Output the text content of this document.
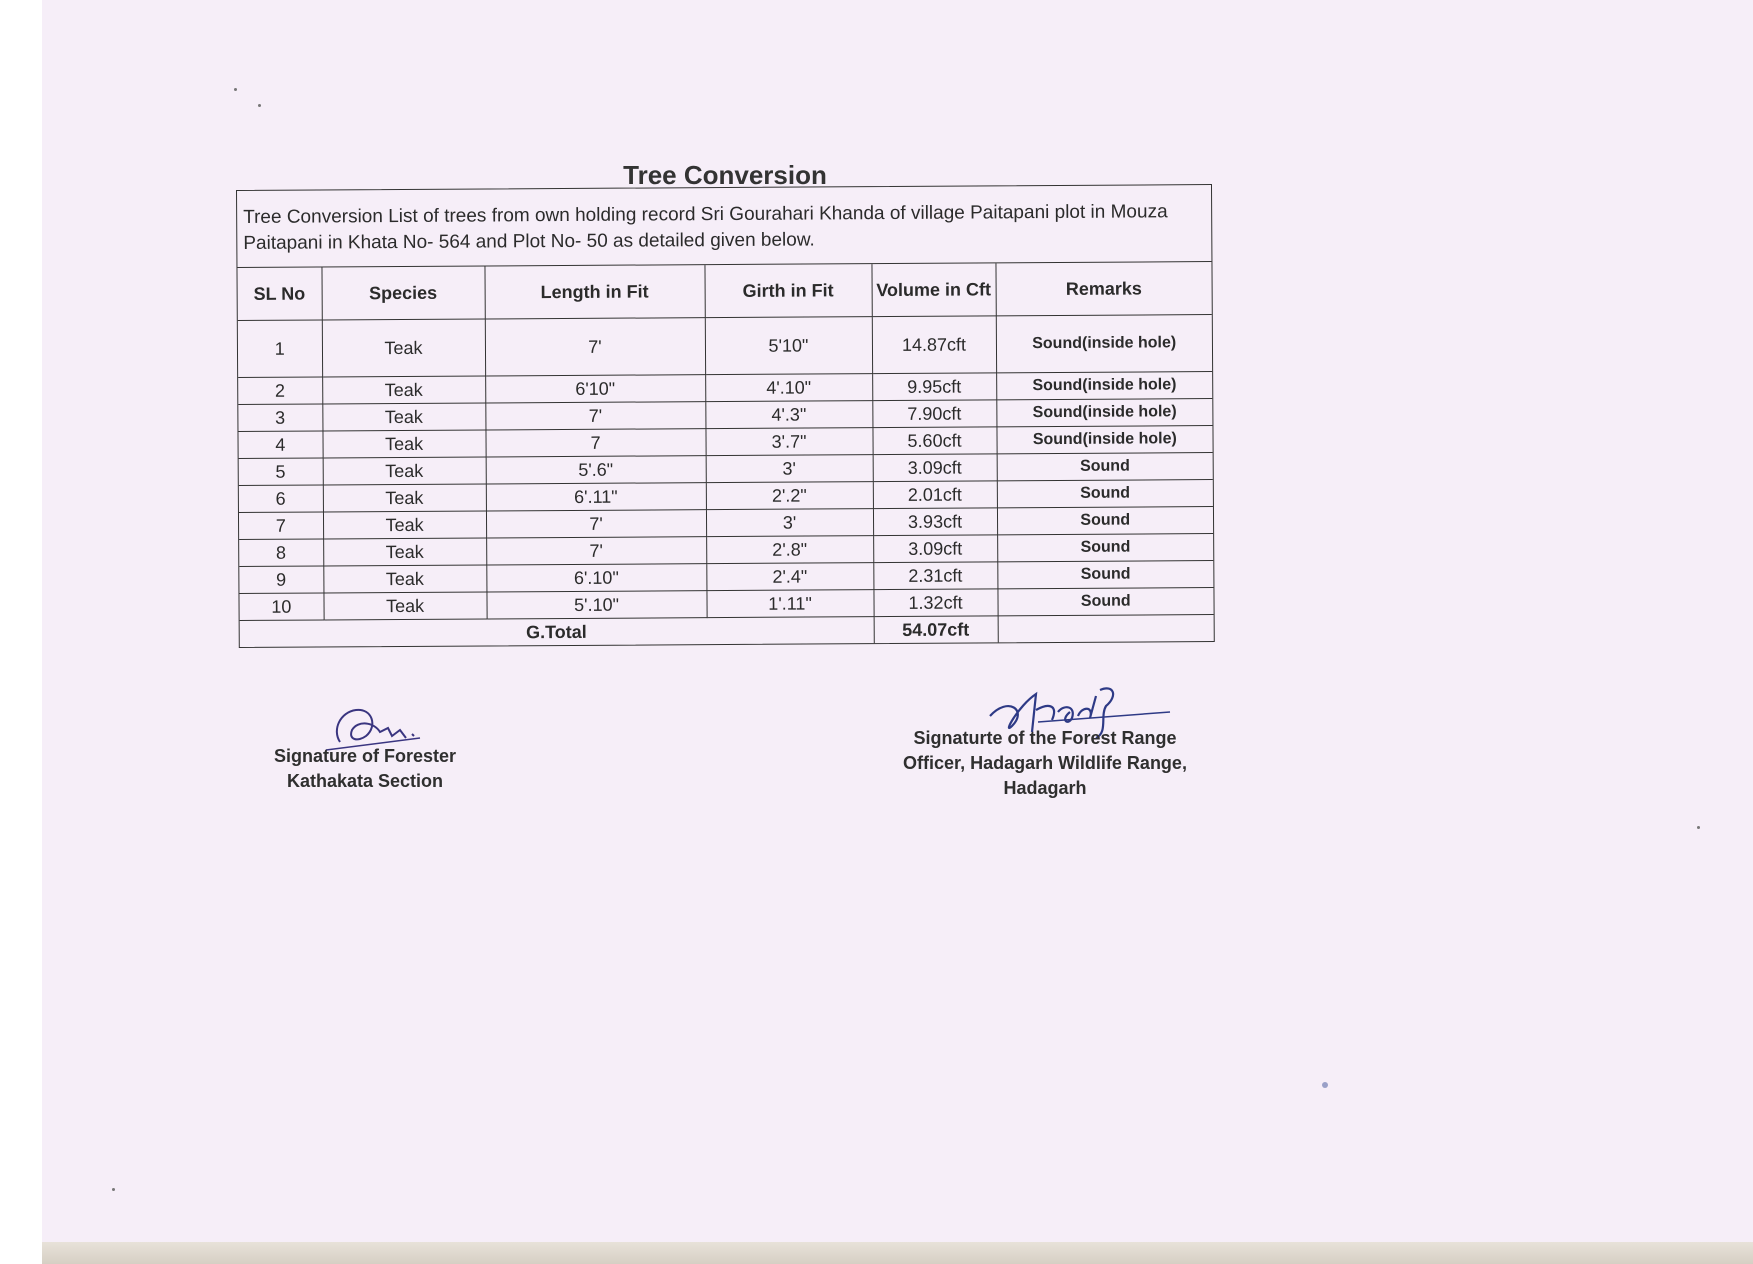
Tree Conversion
Tree Conversion List of trees from own holding record Sri Gourahari Khanda of village Paitapani plot in Mouza Paitapani in Khata No- 564 and Plot No- 50 as detailed given below.
SL No	Species	Length in Fit	Girth in Fit	Volume in Cft	Remarks
1	Teak	7'	5'10"	14.87cft	Sound(inside hole)
2	Teak	6'10"	4'.10"	9.95cft	Sound(inside hole)
3	Teak	7'	4'.3"	7.90cft	Sound(inside hole)
4	Teak	7	3'.7"	5.60cft	Sound(inside hole)
5	Teak	5'.6"	3'	3.09cft	Sound
6	Teak	6'.11"	2'.2"	2.01cft	Sound
7	Teak	7'	3'	3.93cft	Sound
8	Teak	7'	2'.8"	3.09cft	Sound
9	Teak	6'.10"	2'.4"	2.31cft	Sound
10	Teak	5'.10"	1'.11"	1.32cft	Sound
G.Total				54.07cft	
Signature of Forester
Kathakata Section
Signaturte of the Forest Range
Officer, Hadagarh Wildlife Range,
Hadagarh
